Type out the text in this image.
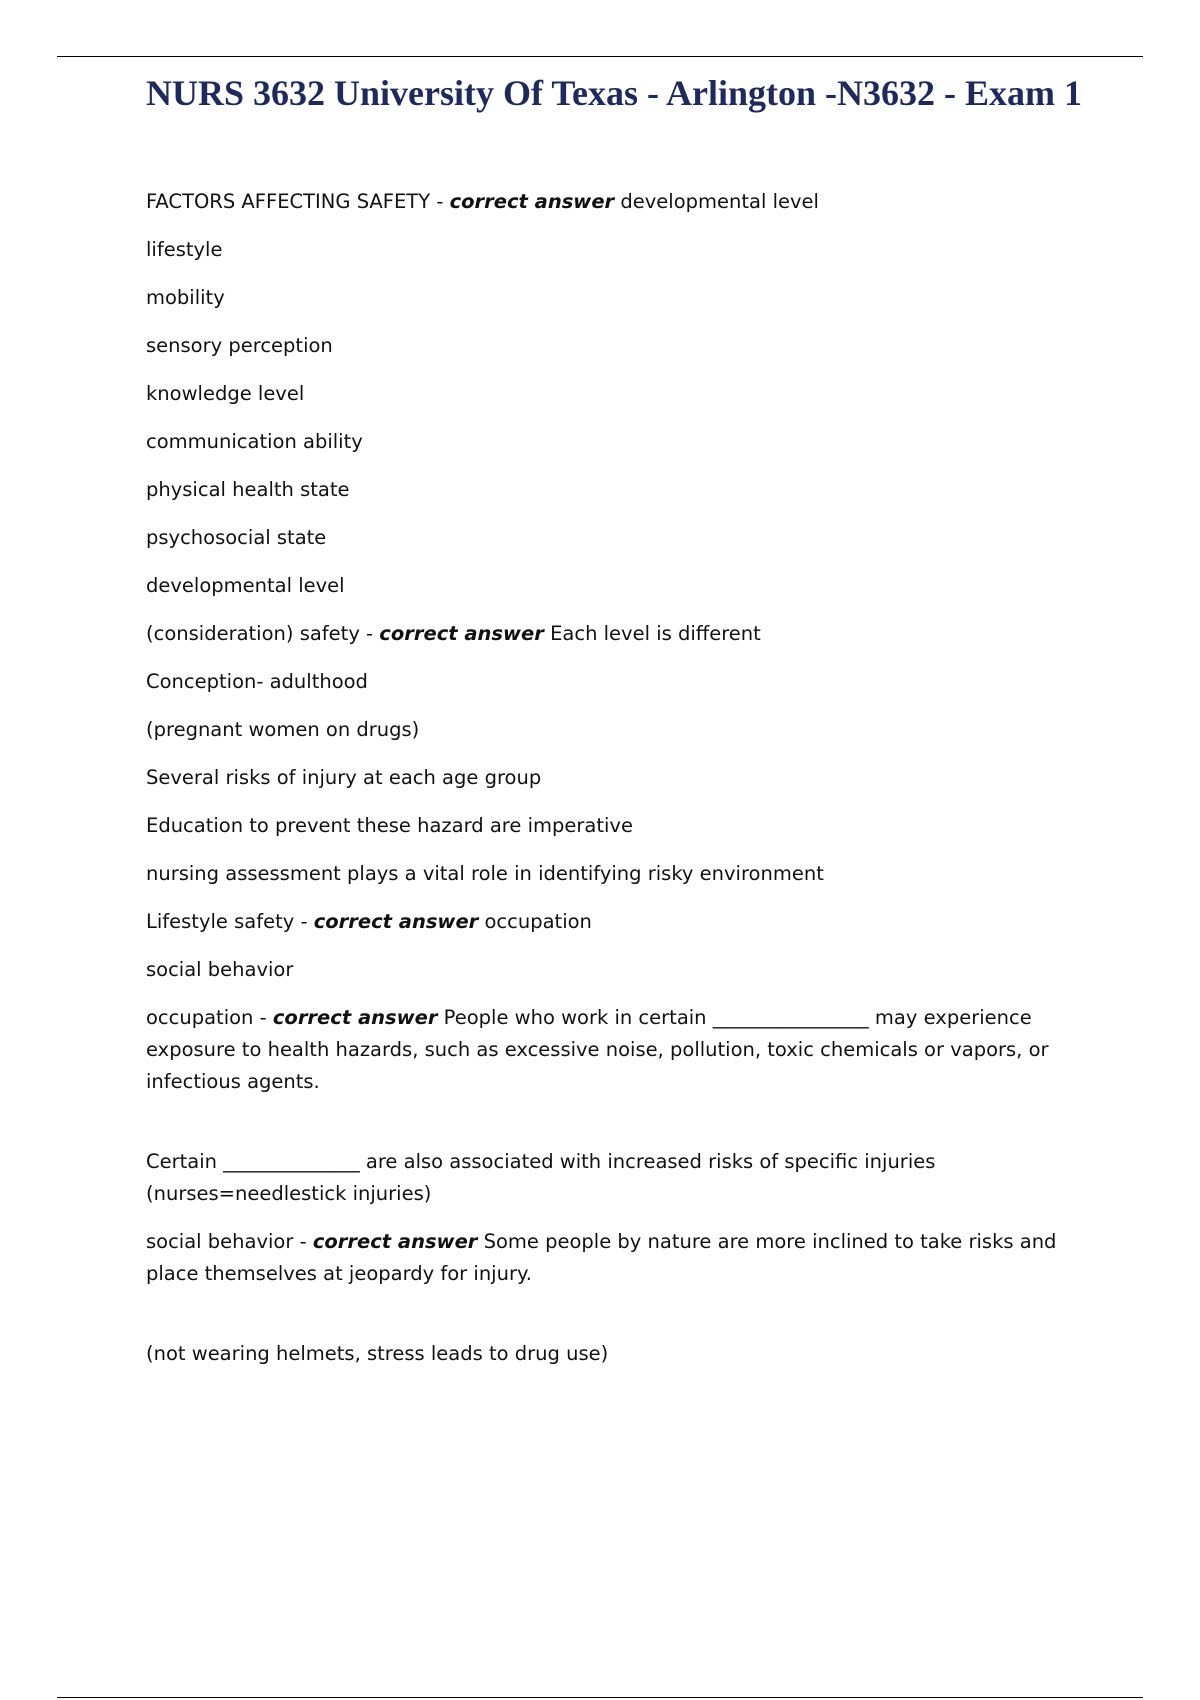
NURS 3632 University Of Texas - Arlington -N3632 - Exam 1

FACTORS AFFECTING SAFETY - correct answer developmental level

lifestyle

mobility

sensory perception

knowledge level

communication ability

physical health state

psychosocial state

developmental level

(consideration) safety - correct answer Each level is different

Conception- adulthood

(pregnant women on drugs)

Several risks of injury at each age group

Education to prevent these hazard are imperative

nursing assessment plays a vital role in identifying risky environment

Lifestyle safety - correct answer occupation

social behavior

occupation - correct answer People who work in certain ________________ may experience exposure to health hazards, such as excessive noise, pollution, toxic chemicals or vapors, or infectious agents.

Certain ______________ are also associated with increased risks of specific injuries (nurses=needlestick injuries)

social behavior - correct answer Some people by nature are more inclined to take risks and place themselves at jeopardy for injury.

(not wearing helmets, stress leads to drug use)
